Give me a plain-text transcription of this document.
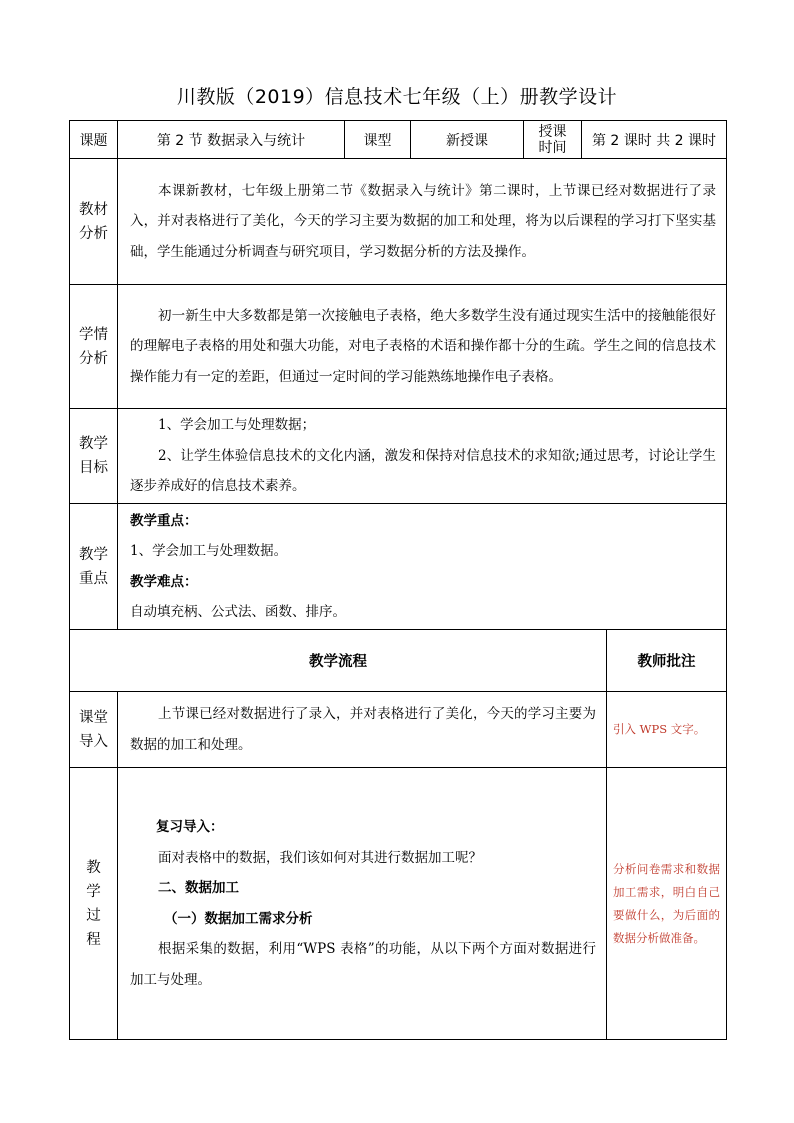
川教版（2019）信息技术七年级（上）册教学设计
课题	第 2 节 数据录入与统计	课型	新授课	授课时间	第 2 课时 共 2 课时	

教材分析	本课新教材，七年级上册第二节《数据录入与统计》第二课时，上节课已经对数据进行了录入，并对表格进行了美化，今天的学习主要为数据的加工和处理，将为以后课程的学习打下坚实基础，学生能通过分析调查与研究项目，学习数据分析的方法及操作。					

学情分析	初一新生中大多数都是第一次接触电子表格，绝大多数学生没有通过现实生活中的接触能很好的理解电子表格的用处和强大功能，对电子表格的术语和操作都十分的生疏。学生之间的信息技术操作能力有一定的差距，但通过一定时间的学习能熟练地操作电子表格。					

教学目标	1、学会加工与处理数据；

2、让学生体验信息技术的文化内涵，激发和保持对信息技术的求知欲;通过思考，讨论让学生逐步养成好的信息技术素养。					

教学重点	教学重点：

1、学会加工与处理数据。

教学难点：

自动填充柄、公式法、函数、排序。					

教学流程						教师批注

课堂导入	上节课已经对数据进行了录入，并对表格进行了美化，今天的学习主要为数据的加工和处理。					引入 WPS 文字。

教学过程	复习导入：

面对表格中的数据，我们该如何对其进行数据加工呢？

二、数据加工

（一）数据加工需求分析

根据采集的数据，利用“WPS 表格”的功能，从以下两个方面对数据进行加工与处理。					分析问卷需求和数据加工需求，明白自己要做什么，为后面的数据分析做准备。
